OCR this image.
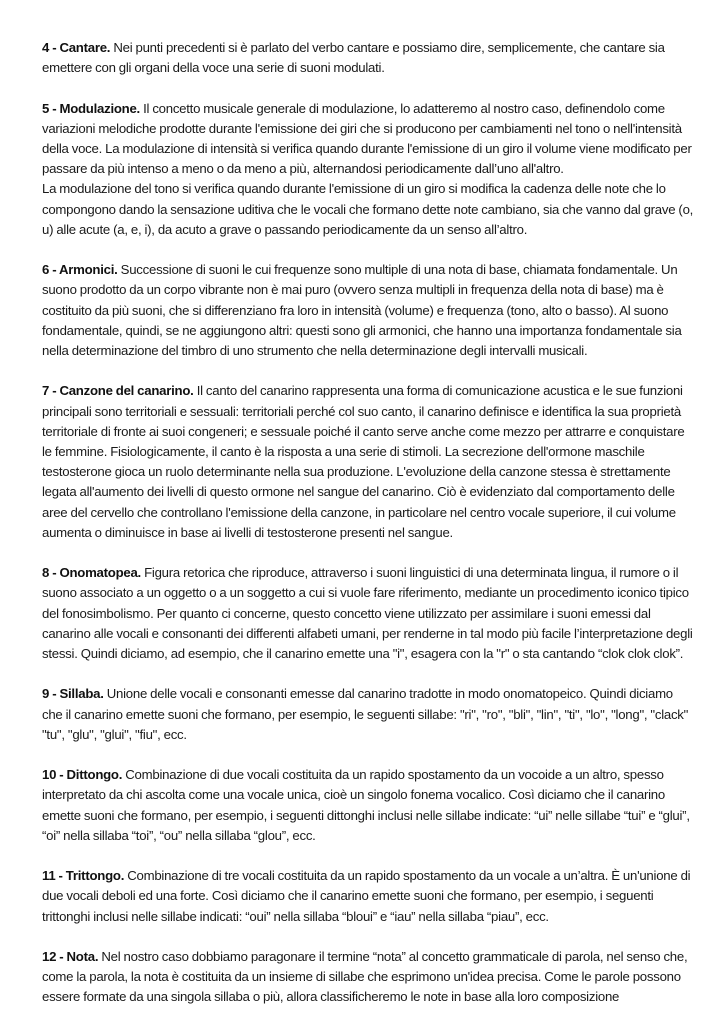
4 - Cantare. Nei punti precedenti si è parlato del verbo cantare e possiamo dire, semplicemente, che cantare sia emettere con gli organi della voce una serie di suoni modulati.

5 - Modulazione. Il concetto musicale generale di modulazione, lo adatteremo al nostro caso, definendolo come variazioni melodiche prodotte durante l'emissione dei giri che si producono per cambiamenti nel tono o nell'intensità della voce. La modulazione di intensità si verifica quando durante l'emissione di un giro il volume viene modificato per passare da più intenso a meno o da meno a più, alternandosi periodicamente dall’uno all'altro.
La modulazione del tono si verifica quando durante l'emissione di un giro si modifica la cadenza delle note che lo compongono dando la sensazione uditiva che le vocali che formano dette note cambiano, sia che vanno dal grave (o, u) alle acute (a, e, i), da acuto a grave o passando periodicamente da un senso all’altro.

6 - Armonici. Successione di suoni le cui frequenze sono multiple di una nota di base, chiamata fondamentale. Un suono prodotto da un corpo vibrante non è mai puro (ovvero senza multipli in frequenza della nota di base) ma è costituito da più suoni, che si differenziano fra loro in intensità (volume) e frequenza (tono, alto o basso). Al suono fondamentale, quindi, se ne aggiungono altri: questi sono gli armonici, che hanno una importanza fondamentale sia nella determinazione del timbro di uno strumento che nella determinazione degli intervalli musicali.

7 - Canzone del canarino. Il canto del canarino rappresenta una forma di comunicazione acustica e le sue funzioni principali sono territoriali e sessuali: territoriali perché col suo canto, il canarino definisce e identifica la sua proprietà territoriale di fronte ai suoi congeneri; e sessuale poiché il canto serve anche come mezzo per attrarre e conquistare le femmine. Fisiologicamente, il canto è la risposta a una serie di stimoli. La secrezione dell'ormone maschile testosterone gioca un ruolo determinante nella sua produzione. L'evoluzione della canzone stessa è strettamente legata all'aumento dei livelli di questo ormone nel sangue del canarino. Ciò è evidenziato dal comportamento delle aree del cervello che controllano l'emissione della canzone, in particolare nel centro vocale superiore, il cui volume aumenta o diminuisce in base ai livelli di testosterone presenti nel sangue.

8 - Onomatopea. Figura retorica che riproduce, attraverso i suoni linguistici di una determinata lingua, il rumore o il suono associato a un oggetto o a un soggetto a cui si vuole fare riferimento, mediante un procedimento iconico tipico del fonosimbolismo. Per quanto ci concerne, questo concetto viene utilizzato per assimilare i suoni emessi dal canarino alle vocali e consonanti dei differenti alfabeti umani, per renderne in tal modo più facile l’interpretazione degli stessi. Quindi diciamo, ad esempio, che il canarino emette una "i", esagera con la "r" o sta cantando “clok clok clok”.

9 - Sillaba. Unione delle vocali e consonanti emesse dal canarino tradotte in modo onomatopeico. Quindi diciamo che il canarino emette suoni che formano, per esempio, le seguenti sillabe: "ri", "ro", "bli", "lin", "ti", "lo", "long", "clack" "tu", "glu", "glui", "fiu", ecc.

10 - Dittongo. Combinazione di due vocali costituita da un rapido spostamento da un vocoide a un altro, spesso interpretato da chi ascolta come una vocale unica, cioè un singolo fonema vocalico. Così diciamo che il canarino emette suoni che formano, per esempio, i seguenti dittonghi inclusi nelle sillabe indicate: “ui” nelle sillabe “tui” e “glui”, “oi” nella sillaba “toi”, “ou” nella sillaba “glou”, ecc.

11 - Trittongo. Combinazione di tre vocali costituita da un rapido spostamento da un vocale a un’altra. È un'unione di due vocali deboli ed una forte. Così diciamo che il canarino emette suoni che formano, per esempio, i seguenti trittonghi inclusi nelle sillabe indicati: “oui” nella sillaba “bloui” e “iau” nella sillaba “piau”, ecc.

12 - Nota. Nel nostro caso dobbiamo paragonare il termine “nota” al concetto grammaticale di parola, nel senso che, come la parola, la nota è costituita da un insieme di sillabe che esprimono un'idea precisa. Come le parole possono essere formate da una singola sillaba o più, allora classificheremo le note in base alla loro composizione
